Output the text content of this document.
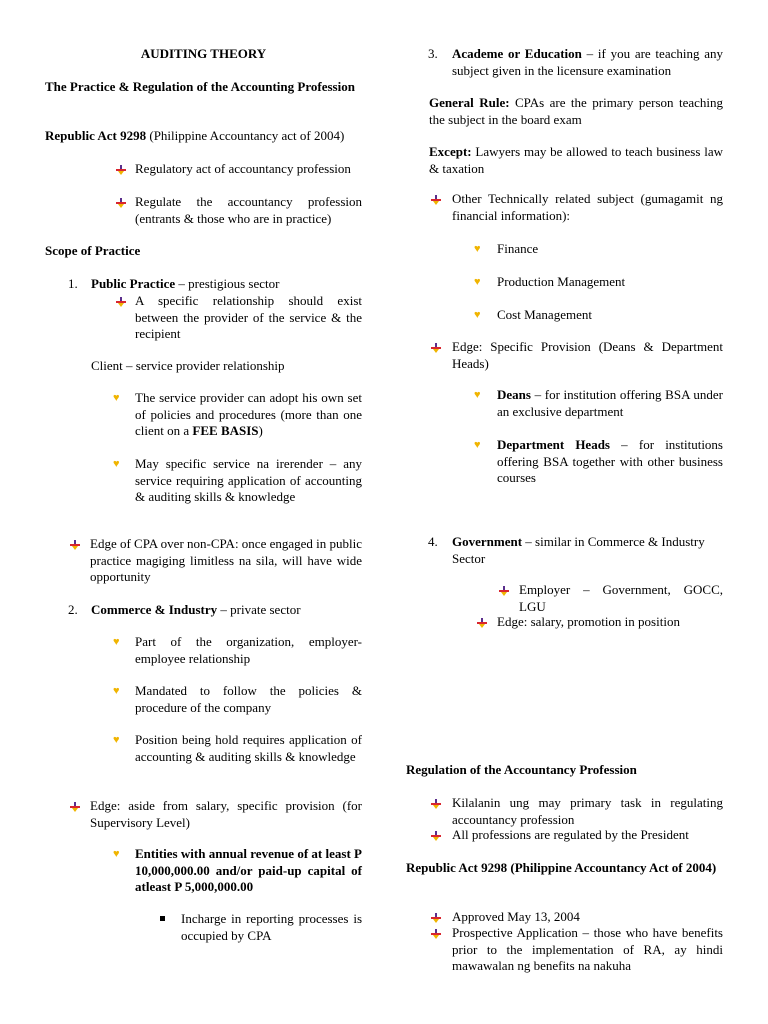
AUDITING THEORY
The Practice & Regulation of the Accounting Profession
Republic Act 9298 (Philippine Accountancy act of 2004)
Regulatory act of accountancy profession
Regulate the accountancy profession (entrants & those who are in practice)
Scope of Practice
1. Public Practice – prestigious sector
A specific relationship should exist between the provider of the service & the recipient
Client – service provider relationship
♥	The service provider can adopt his own set of policies and procedures (more than one client on a FEE BASIS)
♥	May specific service na irerender – any service requiring application of accounting & auditing skills & knowledge
Edge of CPA over non-CPA: once engaged in public practice magiging limitless na sila, will have wide opportunity
2. Commerce & Industry – private sector
♥	Part of the organization, employer-employee relationship
♥	Mandated to follow the policies & procedure of the company
♥	Position being hold requires application of accounting & auditing skills & knowledge
Edge: aside from salary, specific provision (for Supervisory Level)
♥	Entities with annual revenue of at least P 10,000,000.00 and/or paid-up capital of atleast P 5,000,000.00
Incharge in reporting processes is occupied by CPA
3. Academe or Education – if you are teaching any subject given in the licensure examination
General Rule: CPAs are the primary person teaching the subject in the board exam
Except: Lawyers may be allowed to teach business law & taxation
Other Technically related subject (gumagamit ng financial information):
♥	Finance
♥	Production Management
♥	Cost Management
Edge: Specific Provision (Deans & Department Heads)
♥	Deans – for institution offering BSA under an exclusive department
♥	Department Heads – for institutions offering BSA together with other business courses
4. Government – similar in Commerce & Industry Sector
Employer – Government, GOCC, LGU
Edge: salary, promotion in position
Regulation of the Accountancy Profession
Kilalanin ung may primary task in regulating accountancy profession
All professions are regulated by the President
Republic Act 9298 (Philippine Accountancy Act of 2004)
Approved May 13, 2004
Prospective Application – those who have benefits prior to the implementation of RA, ay hindi mawawalan ng benefits na nakuha
